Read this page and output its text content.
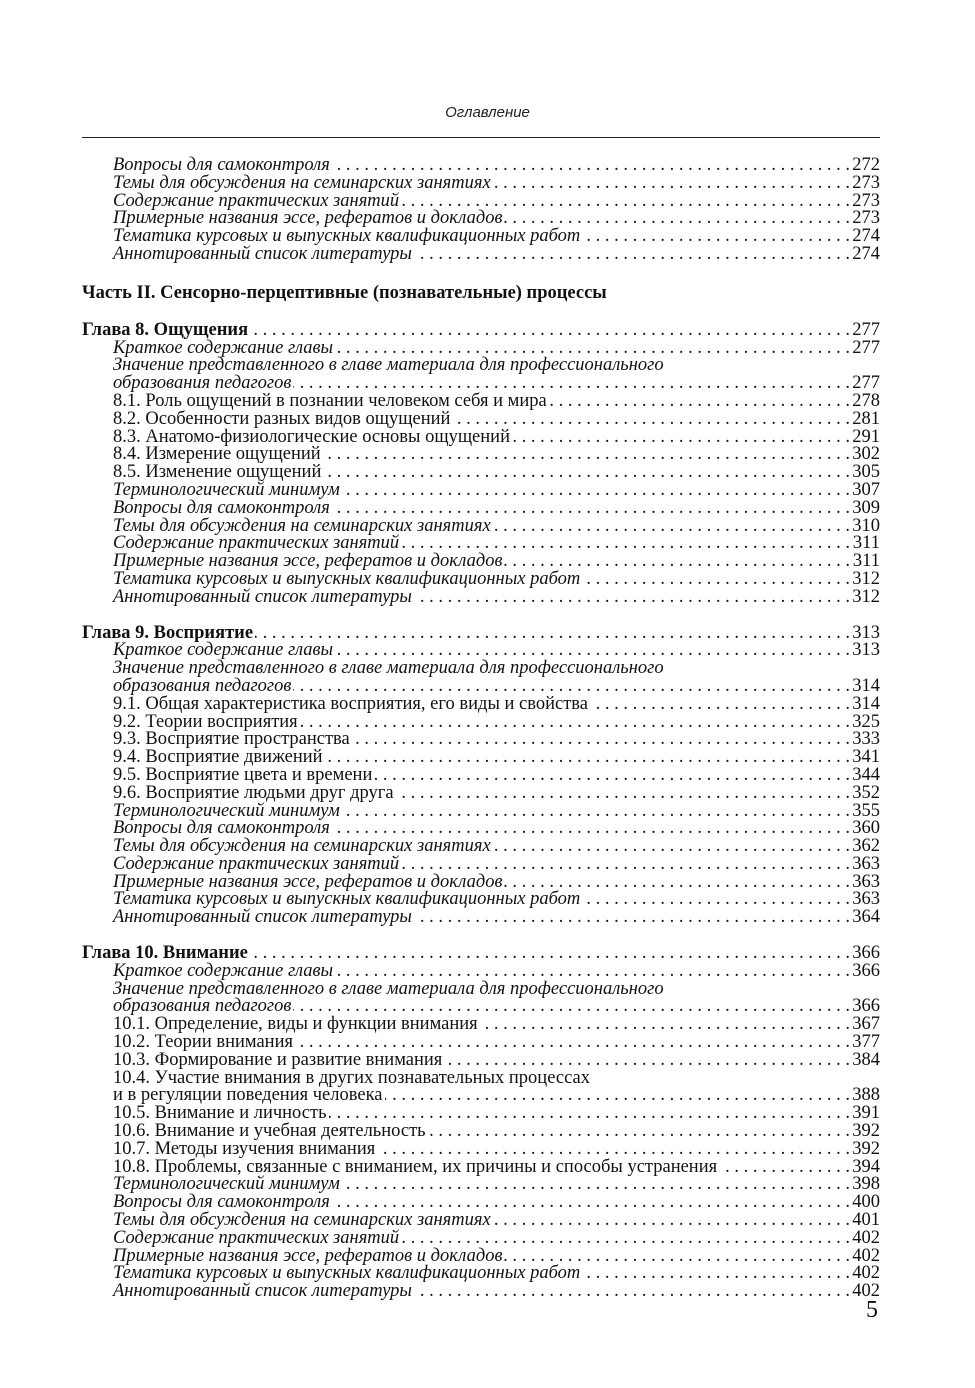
Оглавление
Вопросы для самоконтроля . . .	272
Темы для обсуждения на семинарских занятиях . . .	273
Содержание практических занятий . . .	273
Примерные названия эссе, рефератов и докладов . . .	273
Тематика курсовых и выпускных квалификационных работ . . .	274
Аннотированный список литературы . . .	274
Часть II. Сенсорно-перцептивные (познавательные) процессы
Глава 8. Ощущения . . .	277
Краткое содержание главы . . .	277
Значение представленного в главе материала для профессионального
образования педагогов . . .	277
8.1. Роль ощущений в познании человеком себя и мира . . .	278
8.2. Особенности разных видов ощущений . . .	281
8.3. Анатомо-физиологические основы ощущений . . .	291
8.4. Измерение ощущений . . .	302
8.5. Изменение ощущений . . .	305
Терминологический минимум . . .	307
Вопросы для самоконтроля . . .	309
Темы для обсуждения на семинарских занятиях . . .	310
Содержание практических занятий . . .	311
Примерные названия эссе, рефератов и докладов . . .	311
Тематика курсовых и выпускных квалификационных работ . . .	312
Аннотированный список литературы . . .	312
Глава 9. Восприятие . . .	313
Краткое содержание главы . . .	313
Значение представленного в главе материала для профессионального
образования педагогов . . .	314
9.1. Общая характеристика восприятия, его виды и свойства . . .	314
9.2. Теории восприятия . . .	325
9.3. Восприятие пространства . . .	333
9.4. Восприятие движений . . .	341
9.5. Восприятие цвета и времени . . .	344
9.6. Восприятие людьми друг друга . . .	352
Терминологический минимум . . .	355
Вопросы для самоконтроля . . .	360
Темы для обсуждения на семинарских занятиях . . .	362
Содержание практических занятий . . .	363
Примерные названия эссе, рефератов и докладов . . .	363
Тематика курсовых и выпускных квалификационных работ . . .	363
Аннотированный список литературы . . .	364
Глава 10. Внимание . . .	366
Краткое содержание главы . . .	366
Значение представленного в главе материала для профессионального
образования педагогов . . .	366
10.1. Определение, виды и функции внимания . . .	367
10.2. Теории внимания . . .	377
10.3. Формирование и развитие внимания . . .	384
10.4. Участие внимания в других познавательных процессах
и в регуляции поведения человека . . .	388
10.5. Внимание и личность . . .	391
10.6. Внимание и учебная деятельность . . .	392
10.7. Методы изучения внимания . . .	392
10.8. Проблемы, связанные с вниманием, их причины и способы устранения . . .	394
Терминологический минимум . . .	398
Вопросы для самоконтроля . . .	400
Темы для обсуждения на семинарских занятиях . . .	401
Содержание практических занятий . . .	402
Примерные названия эссе, рефератов и докладов . . .	402
Тематика курсовых и выпускных квалификационных работ . . .	402
Аннотированный список литературы . . .	402
5
